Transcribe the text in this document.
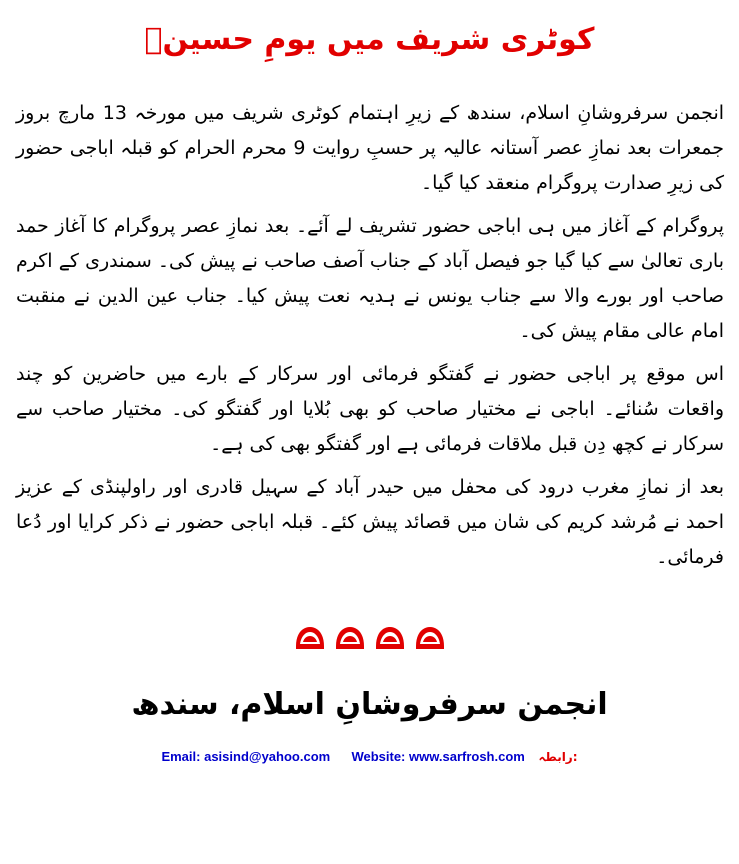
کوٹری شریف میں یومِ حسینؑ

انجمن سرفروشانِ اسلام، سندھ کے زیرِ اہتمام کوٹری شریف میں مورخہ 13 مارچ بروز جمعرات بعد نمازِ عصر آستانہ عالیہ پر حسبِ روایت 9 محرم الحرام کو قبلہ اباجی حضور کی زیرِ صدارت پروگرام منعقد کیا گیا۔

پروگرام کے آغاز میں ہی اباجی حضور تشریف لے آئے۔ بعد نمازِ عصر پروگرام کا آغاز حمد باری تعالیٰ سے کیا گیا جو فیصل آباد کے جناب آصف صاحب نے پیش کی۔ سمندری کے اکرم صاحب اور بورے والا سے جناب یونس نے ہدیہ نعت پیش کیا۔ جناب عین الدین نے منقبت امام عالی مقام پیش کی۔

اس موقع پر اباجی حضور نے گفتگو فرمائی اور سرکار کے بارے میں حاضرین کو چند واقعات سُنائے۔ اباجی نے مختیار صاحب کو بھی بُلایا اور گفتگو کی۔ مختیار صاحب سے سرکار نے کچھ دِن قبل ملاقات فرمائی ہے اور گفتگو بھی کی ہے۔

بعد از نمازِ مغرب درود کی محفل میں حیدر آباد کے سہیل قادری اور راولپنڈی کے عزیز احمد نے مُرشد کریم کی شان میں قصائد پیش کئے۔ قبلہ اباجی حضور نے ذکر کرایا اور دُعا فرمائی۔

انجمن سرفروشانِ اسلام، سندھ
Email: asisind@yahoo.com Website: www.sarfrosh.com رابطہ:
